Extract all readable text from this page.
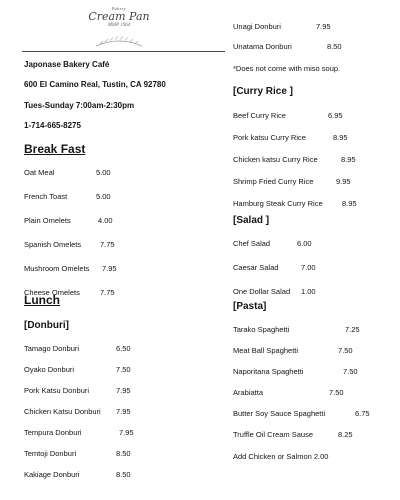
Bakery
Cream Pan
MMP 1964
Japonase Bakery Café
600 El Camino Real, Tustin, CA 92780
Tues-Sunday 7:00am-2:30pm
1-714-665-8275
Break Fast
Oat Meal	5.00
French Toast	5.00
Plain Omelets	4.00
Spanish Omelets	7.75
Mushroom Omelets 7.95
Cheese Omelets	7.75
Lunch
[Donburi]
Tamago Donburi	6.50
Oyako Donburi	7.50
Pork Katsu Donburi	7.95
Chicken Katsu Donburi 7.95
Tempura Donburi	7.95
Temtoji Donburi	8.50
Kakiage Donburi	8.50
Unagi Donburi	7.95
Unatama Donburi	8.50
*Does not come with miso soup.
[Curry Rice ]
Beef Curry Rice	6.95
Pork katsu Curry Rice	8.95
Chicken katsu Curry Rice	8.95
Shrimp Fried Curry Rice	9.95
Hamburg Steak Curry Rice	8.95
[Salad ]
Chef Salad	6.00
Caesar Salad	7.00
One Dollar Salad 1.00
[Pasta]
Tarako Spaghetti	7.25
Meat Ball Spaghetti	7.50
Naporitana Spaghetti	7.50
Arabiatta	7.50
Butter Soy Sauce Spaghetti	6.75
Truffle Oil Cream Sause	8.25
Add Chicken or Salmon 2.00
